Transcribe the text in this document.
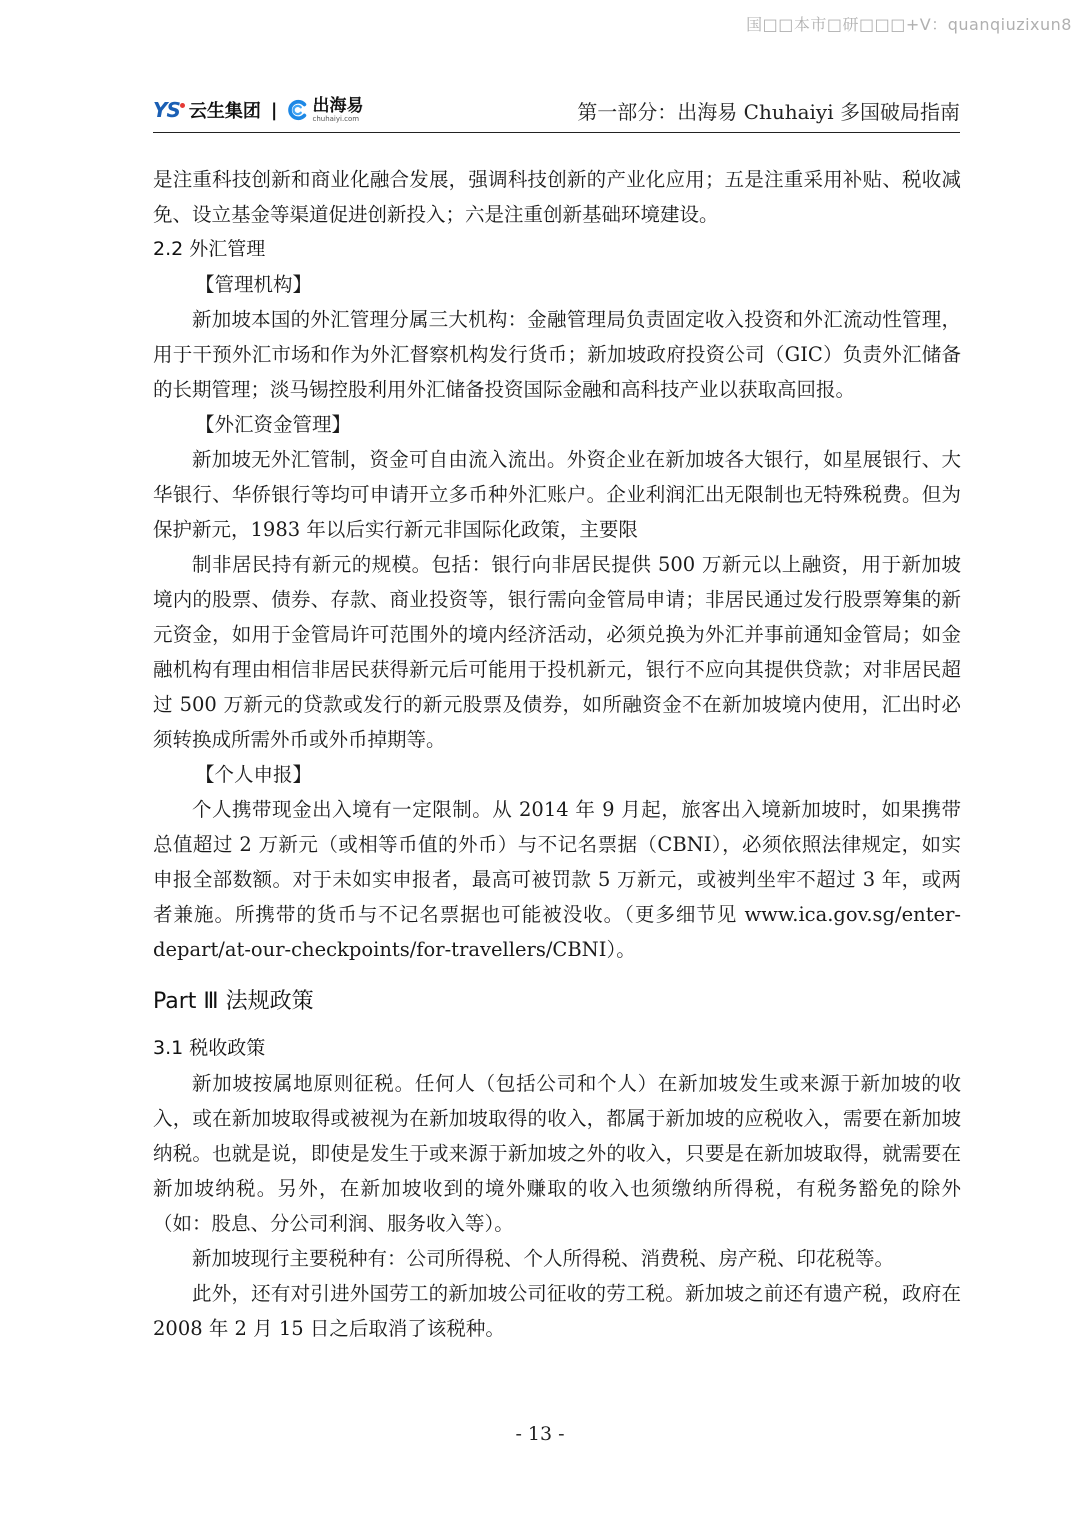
国□□本市□研□□□+V：quanqiuzixun8
YS 云生集团 | 出海易
chuhaiyi.com	第一部分：出海易 Chuhaiyi 多国破局指南

是注重科技创新和商业化融合发展，强调科技创新的产业化应用；五是注重采用补贴、税收减免、设立基金等渠道促进创新投入；六是注重创新基础环境建设。

2.2 外汇管理

【管理机构】

新加坡本国的外汇管理分属三大机构：金融管理局负责固定收入投资和外汇流动性管理，用于干预外汇市场和作为外汇督察机构发行货币；新加坡政府投资公司（GIC）负责外汇储备的长期管理；淡马锡控股利用外汇储备投资国际金融和高科技产业以获取高回报。

【外汇资金管理】

新加坡无外汇管制，资金可自由流入流出。外资企业在新加坡各大银行，如星展银行、大华银行、华侨银行等均可申请开立多币种外汇账户。企业利润汇出无限制也无特殊税费。但为保护新元，1983 年以后实行新元非国际化政策，主要限

制非居民持有新元的规模。包括：银行向非居民提供 500 万新元以上融资，用于新加坡境内的股票、债券、存款、商业投资等，银行需向金管局申请；非居民通过发行股票筹集的新元资金，如用于金管局许可范围外的境内经济活动，必须兑换为外汇并事前通知金管局；如金融机构有理由相信非居民获得新元后可能用于投机新元，银行不应向其提供贷款；对非居民超过 500 万新元的贷款或发行的新元股票及债券，如所融资金不在新加坡境内使用，汇出时必须转换成所需外币或外币掉期等。

【个人申报】

个人携带现金出入境有一定限制。从 2014 年 9 月起，旅客出入境新加坡时，如果携带总值超过 2 万新元（或相等币值的外币）与不记名票据（CBNI），必须依照法律规定，如实申报全部数额。对于未如实申报者，最高可被罚款 5 万新元，或被判坐牢不超过 3 年，或两者兼施。所携带的货币与不记名票据也可能被没收。（更多细节见 www.ica.gov.sg/enter-depart/at-our-checkpoints/for-travellers/CBNI）。

Part Ⅲ 法规政策

3.1 税收政策

新加坡按属地原则征税。任何人（包括公司和个人）在新加坡发生或来源于新加坡的收入，或在新加坡取得或被视为在新加坡取得的收入，都属于新加坡的应税收入，需要在新加坡纳税。也就是说，即使是发生于或来源于新加坡之外的收入，只要是在新加坡取得，就需要在新加坡纳税。另外，在新加坡收到的境外赚取的收入也须缴纳所得税，有税务豁免的除外（如：股息、分公司利润、服务收入等）。

新加坡现行主要税种有：公司所得税、个人所得税、消费税、房产税、印花税等。

此外，还有对引进外国劳工的新加坡公司征收的劳工税。新加坡之前还有遗产税，政府在 2008 年 2 月 15 日之后取消了该税种。

- 13 -
